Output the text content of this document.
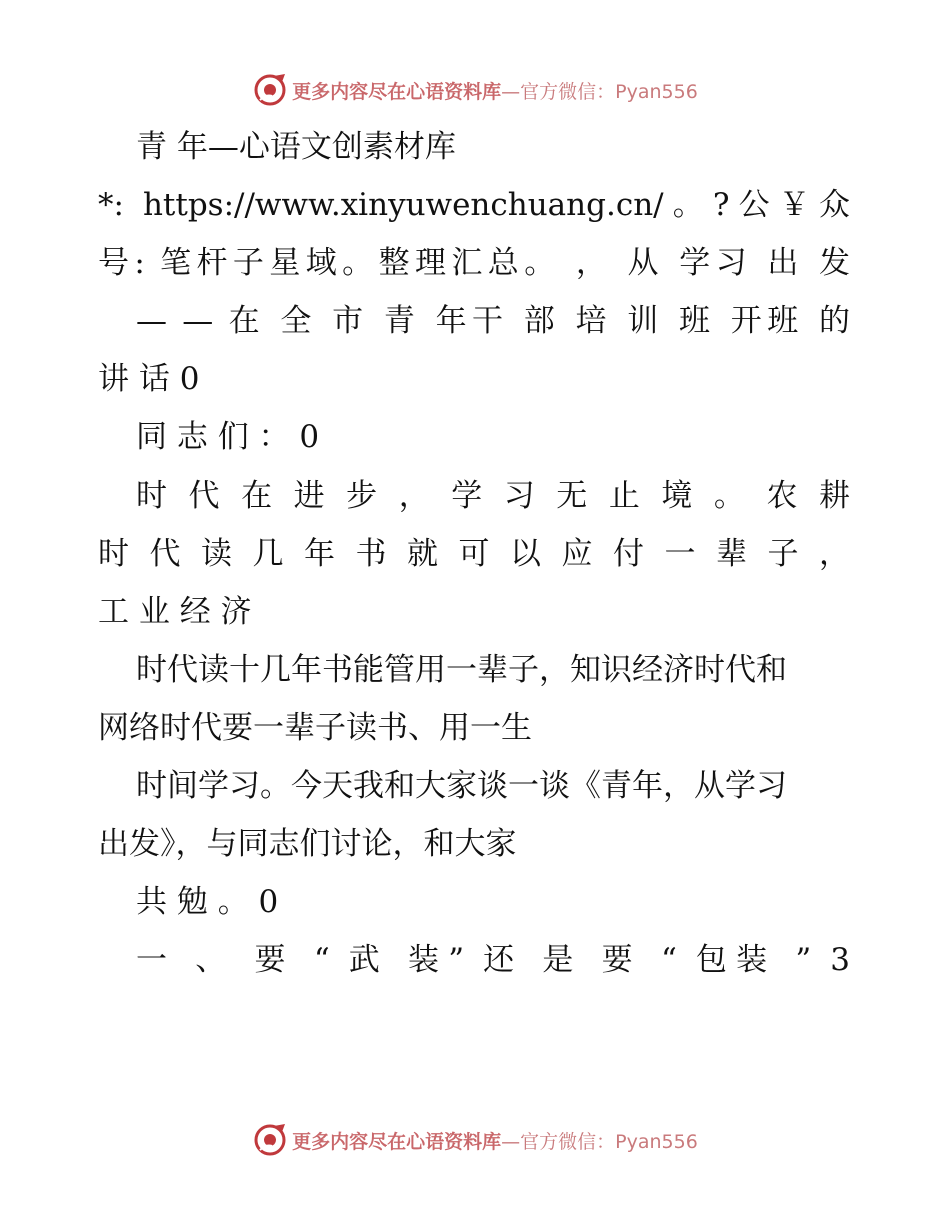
更多内容尽在心语资料库—官方微信：Pyan556
青 年—心语文创素材库
*: https://www.xinyuwenchuang.cn/。?公￥众
号: 笔杆子星域。整理汇总。 ， 从 学习 出 发
— — 在 全 市 青 年干 部 培 训 班 开班 的
讲 话 0
同 志 们 ： 0
时 代 在 进 步 ， 学 习 无 止 境 。 农 耕
时 代 读 几 年 书 就 可 以 应 付 一 辈 子 ，
工 业 经 济
时代读十几年书能管用一辈子，知识经济时代和
网络时代要一辈子读书、用一生
时间学习。今天我和大家谈一谈《青年，从学习
出发》，与同志们讨论，和大家
共 勉 。 0
一 、 要 “ 武 装” 还 是 要 “ 包装 ” 3
更多内容尽在心语资料库—官方微信：Pyan556
